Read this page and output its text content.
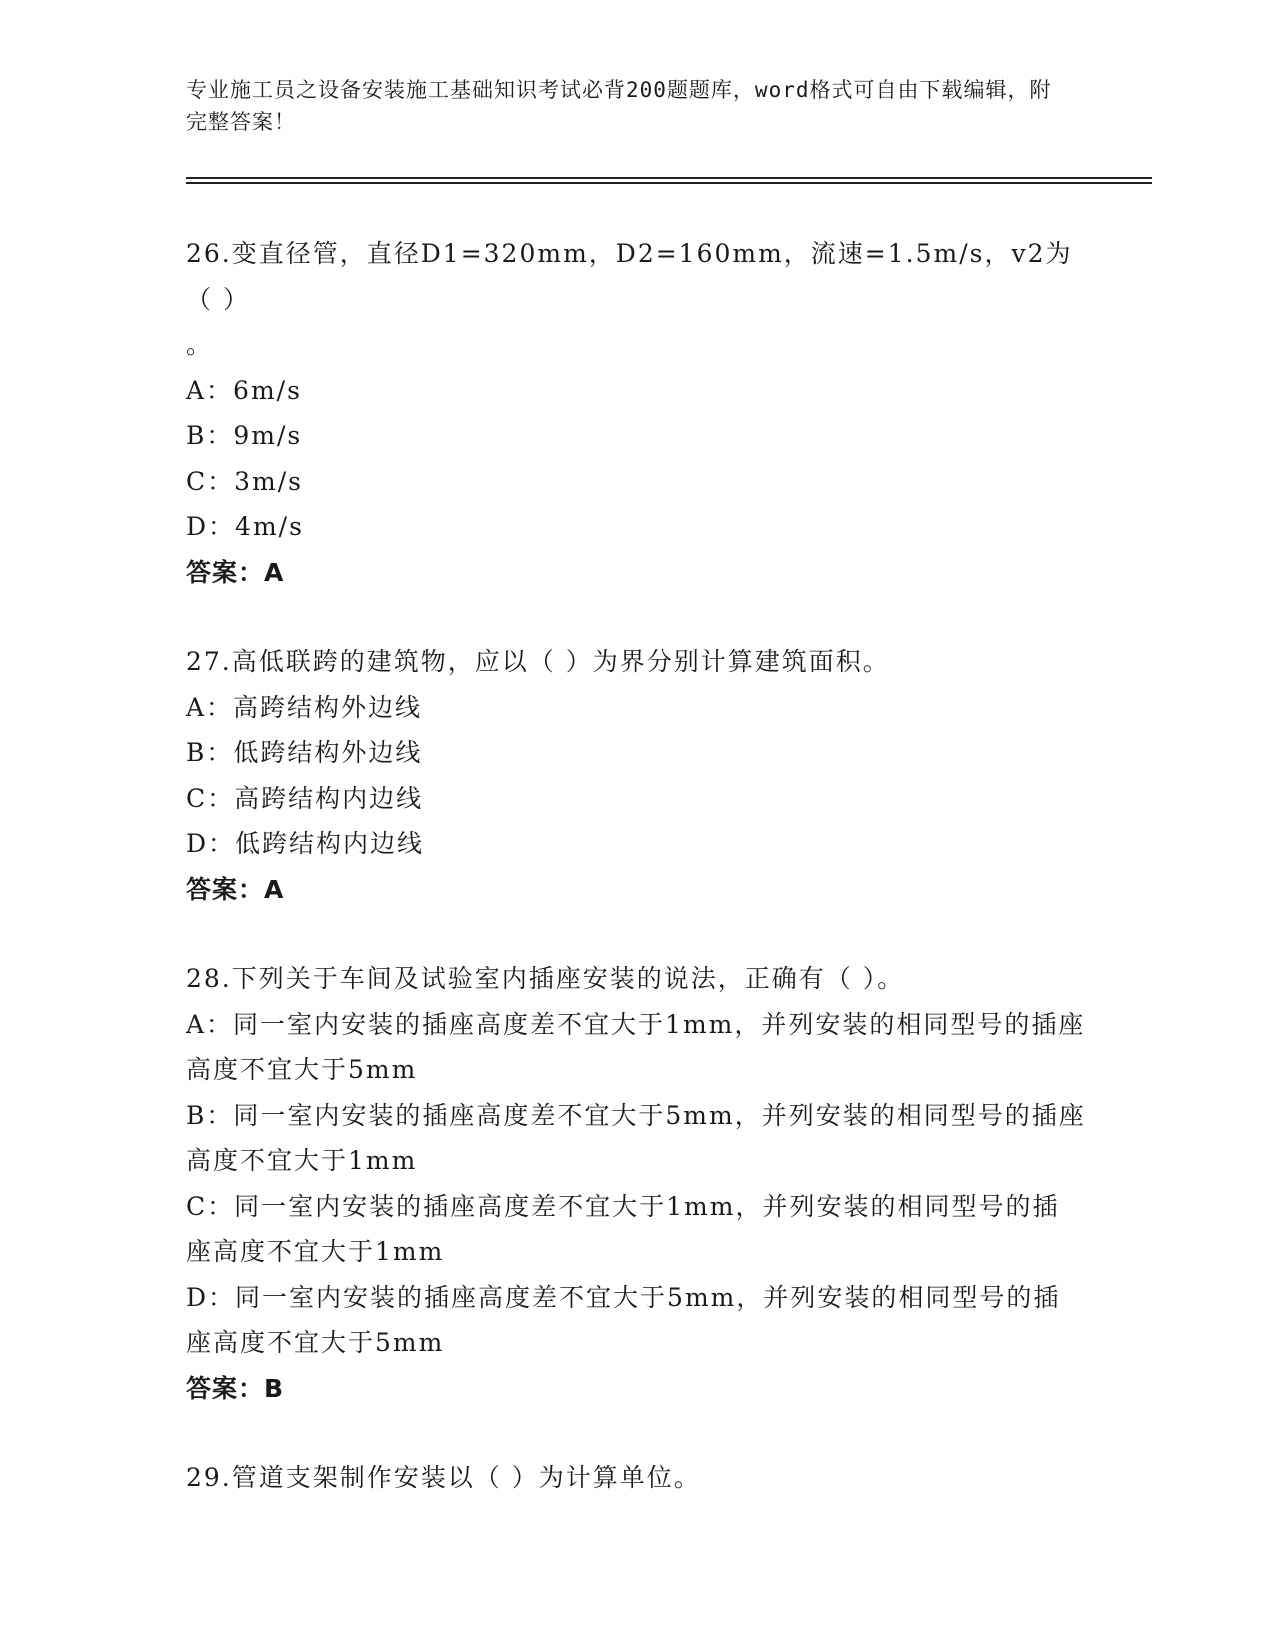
专业施工员之设备安装施工基础知识考试必背200题题库，word格式可自由下载编辑，附完整答案！

26.变直径管，直径D1=320mm，D2=160mm，流速=1.5m/s，v2为（ ）

。

A：6m/s

B：9m/s

C：3m/s

D：4m/s

答案：A

27.高低联跨的建筑物，应以（ ）为界分别计算建筑面积。

A：高跨结构外边线

B：低跨结构外边线

C：高跨结构内边线

D：低跨结构内边线

答案：A

28.下列关于车间及试验室内插座安装的说法，正确有（ ）。

A：同一室内安装的插座高度差不宜大于1mm，并列安装的相同型号的插座高度不宜大于5mm

B：同一室内安装的插座高度差不宜大于5mm，并列安装的相同型号的插座高度不宜大于1mm

C：同一室内安装的插座高度差不宜大于1mm，并列安装的相同型号的插座高度不宜大于1mm

D：同一室内安装的插座高度差不宜大于5mm，并列安装的相同型号的插座高度不宜大于5mm

答案：B

29.管道支架制作安装以（ ）为计算单位。
